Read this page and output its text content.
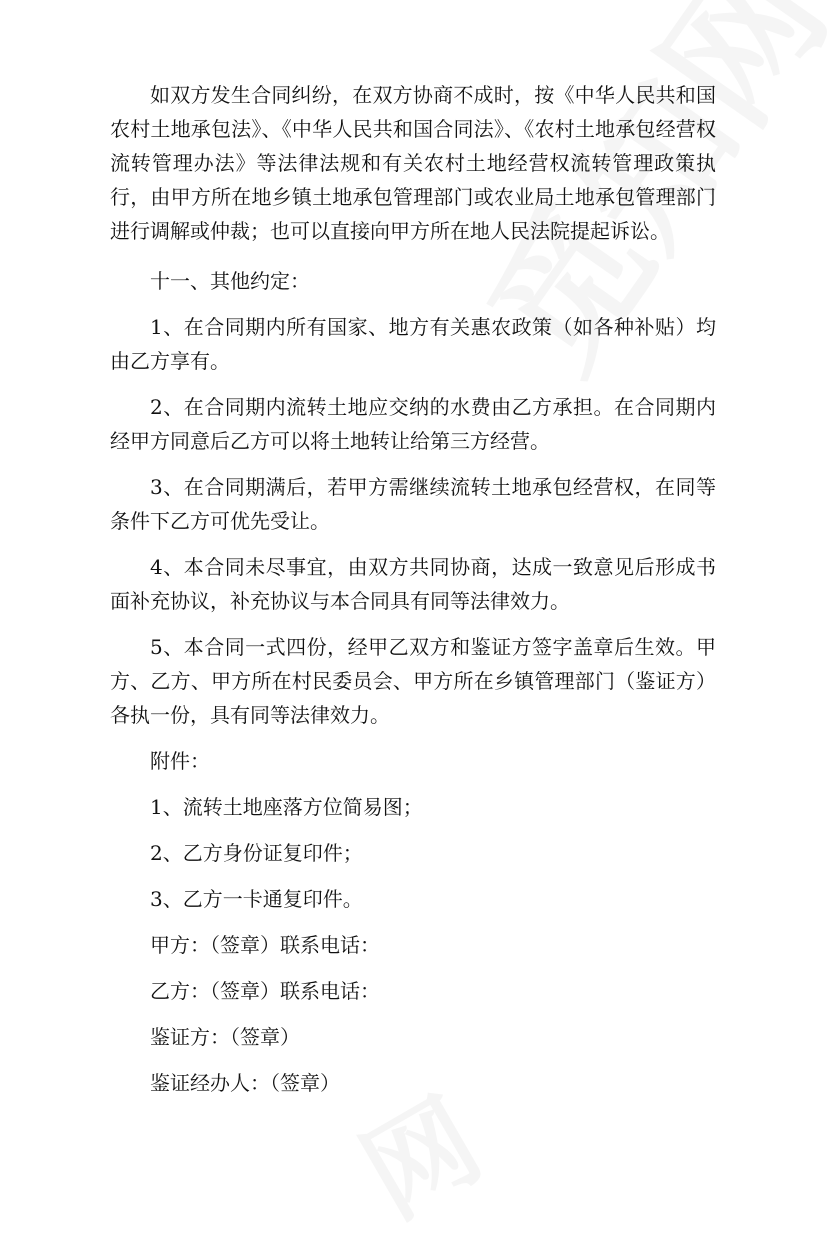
如双方发生合同纠纷，在双方协商不成时，按《中华人民共和国农村土地承包法》、《中华人民共和国合同法》、《农村土地承包经营权流转管理办法》等法律法规和有关农村土地经营权流转管理政策执行，由甲方所在地乡镇土地承包管理部门或农业局土地承包管理部门进行调解或仲裁；也可以直接向甲方所在地人民法院提起诉讼。

十一、其他约定：

1、在合同期内所有国家、地方有关惠农政策（如各种补贴）均由乙方享有。

2、在合同期内流转土地应交纳的水费由乙方承担。在合同期内经甲方同意后乙方可以将土地转让给第三方经营。

3、在合同期满后，若甲方需继续流转土地承包经营权，在同等条件下乙方可优先受让。

4、本合同未尽事宜，由双方共同协商，达成一致意见后形成书面补充协议，补充协议与本合同具有同等法律效力。

5、本合同一式四份，经甲乙双方和鉴证方签字盖章后生效。甲方、乙方、甲方所在村民委员会、甲方所在乡镇管理部门（鉴证方）各执一份，具有同等法律效力。

附件：

1、流转土地座落方位简易图；

2、乙方身份证复印件；

3、乙方一卡通复印件。

甲方：（签章）联系电话：

乙方：（签章）联系电话：

鉴证方：（签章）

鉴证经办人：（签章）
